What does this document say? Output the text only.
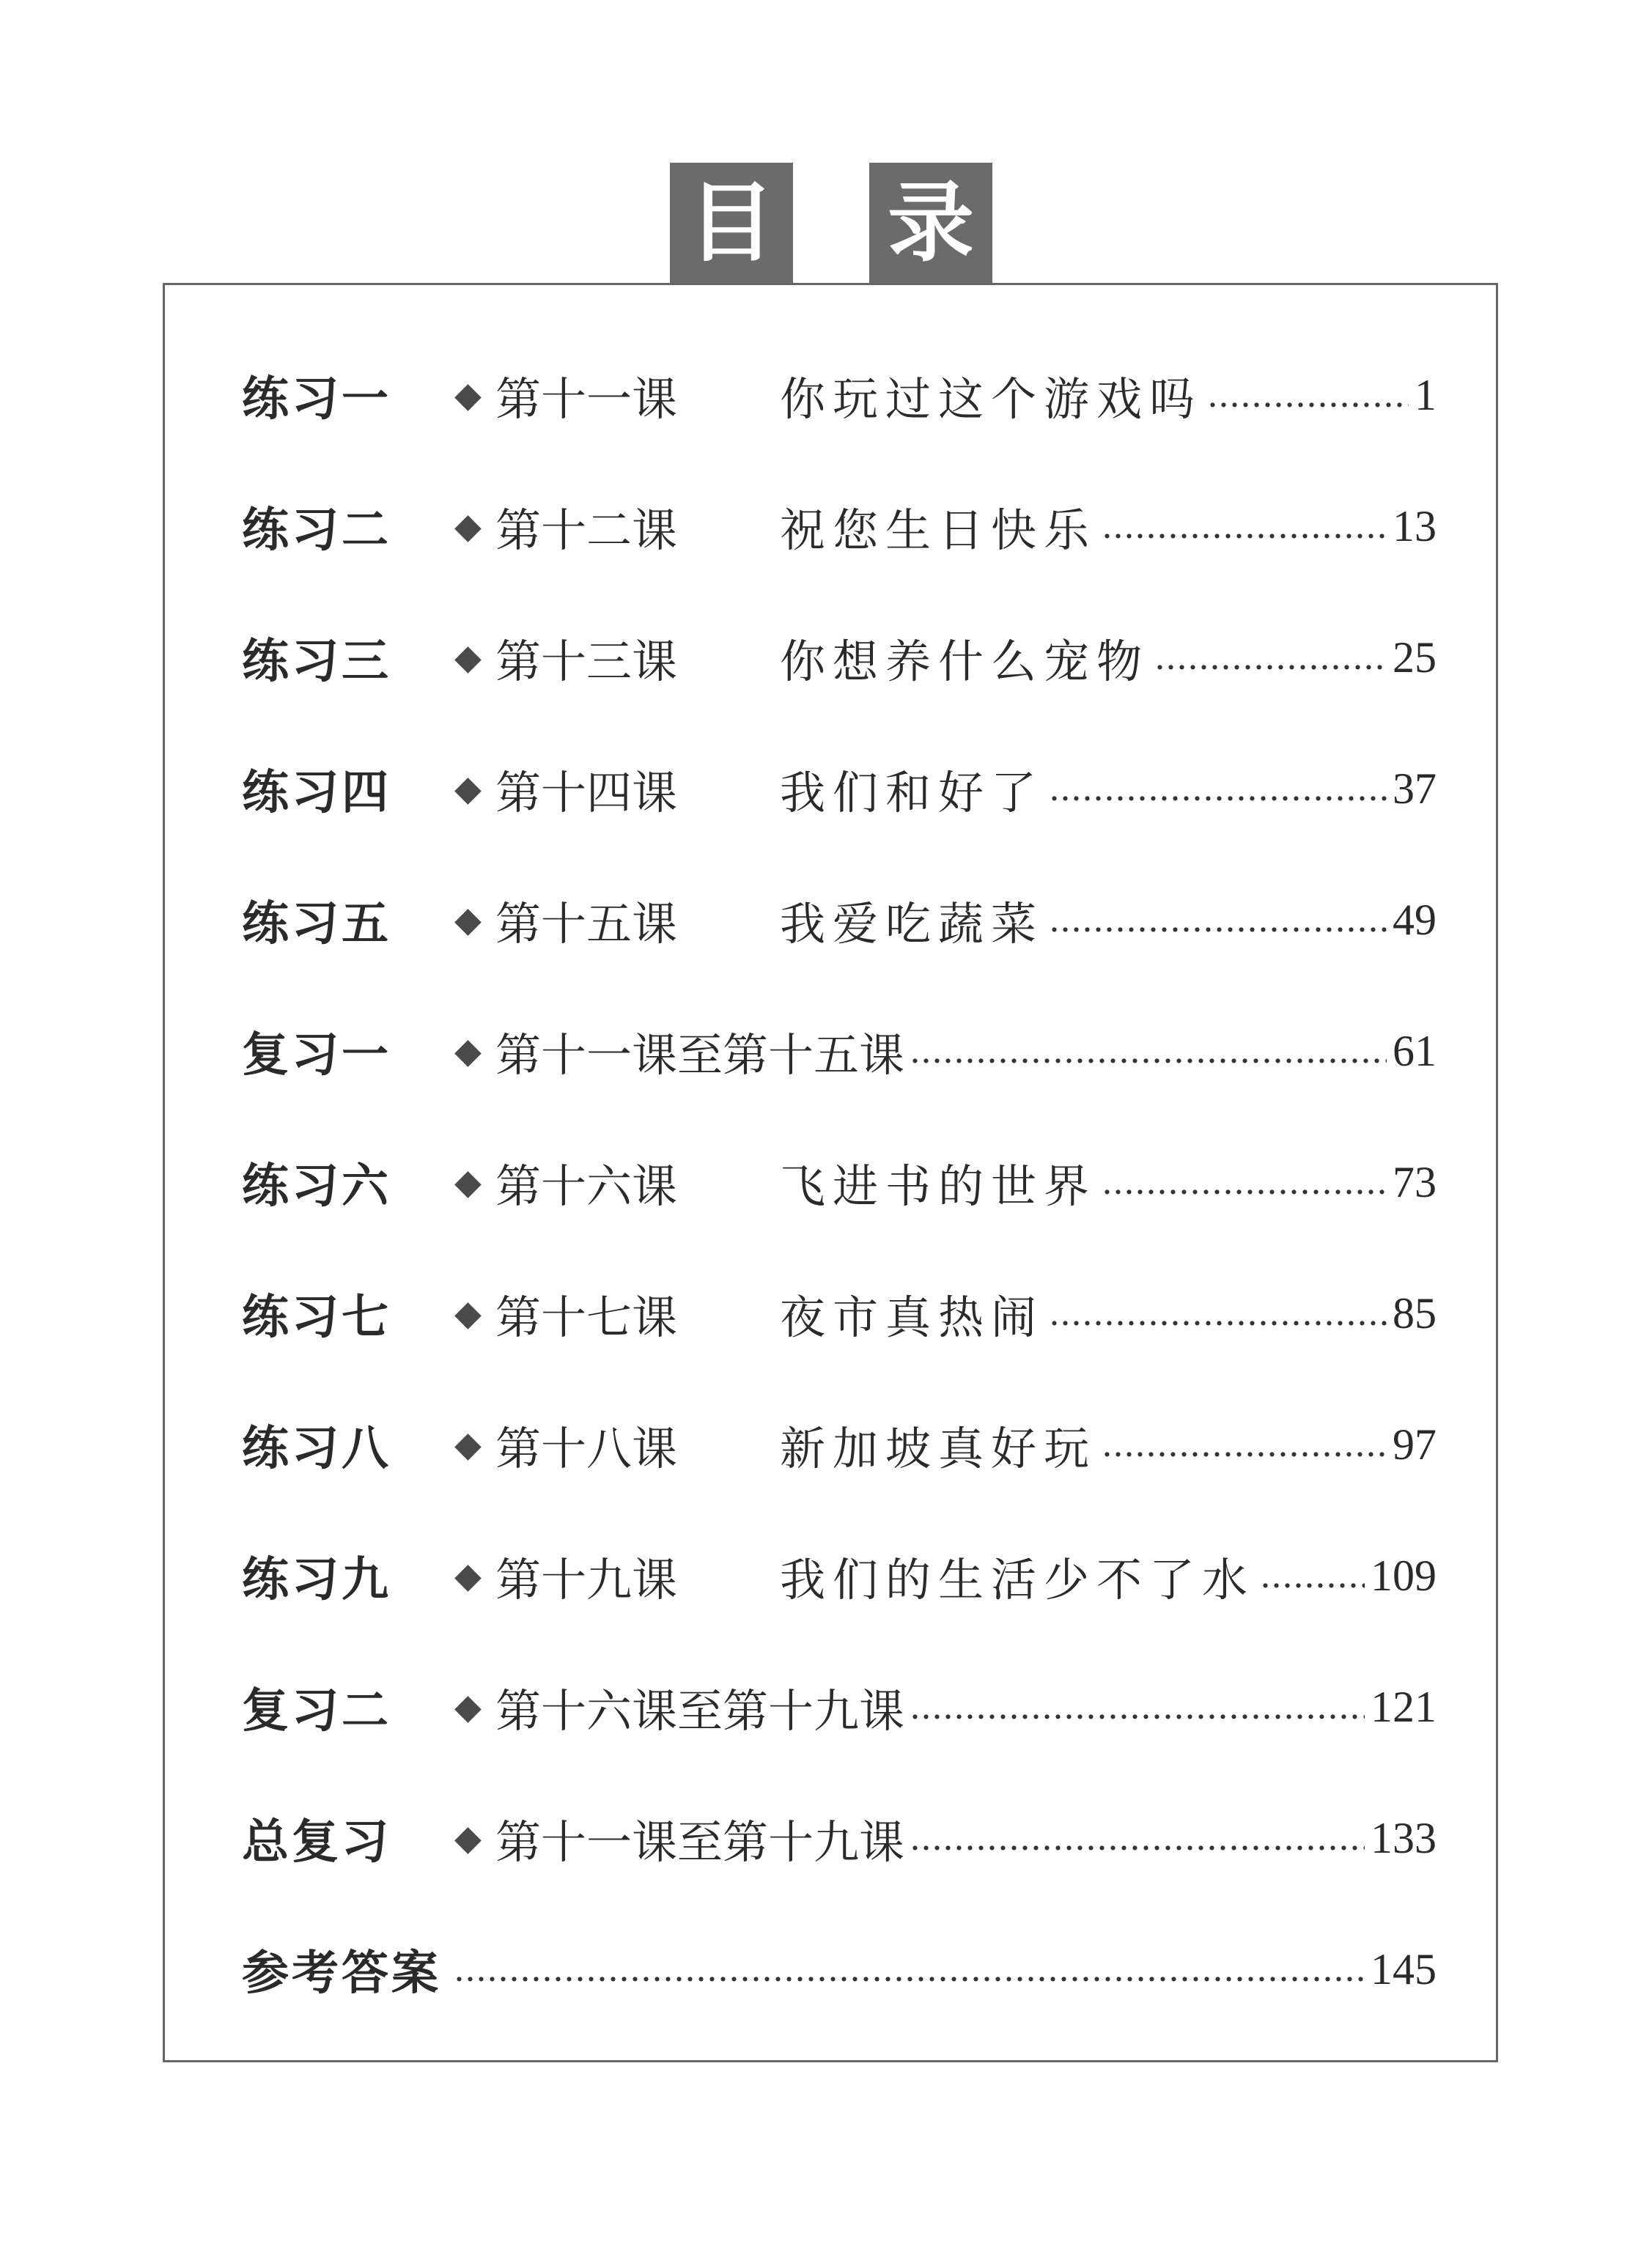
目 录
练习一	◆ 第十一课	你玩过这个游戏吗 .....	1
练习二	◆ 第十二课	祝您生日快乐 .....	13
练习三	◆ 第十三课	你想养什么宠物 .....	25
练习四	◆ 第十四课	我们和好了 .....	37
练习五	◆ 第十五课	我爱吃蔬菜 .....	49
复习一	◆ 第十一课至第十五课 .....	61
练习六	◆ 第十六课	飞进书的世界 .....	73
练习七	◆ 第十七课	夜市真热闹 .....	85
练习八	◆ 第十八课	新加坡真好玩 .....	97
练习九	◆ 第十九课	我们的生活少不了水 .....	109
复习二	◆ 第十六课至第十九课 .....	121
总复习	◆ 第十一课至第十九课 .....	133
参考答案 .....	145
